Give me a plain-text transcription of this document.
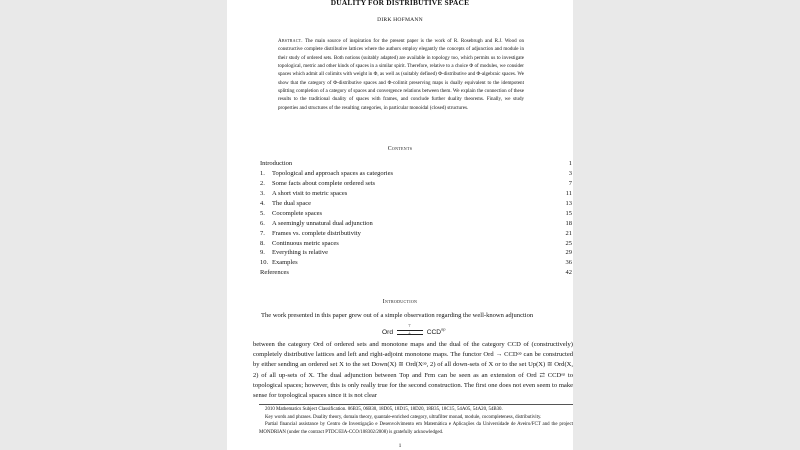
DUALITY FOR DISTRIBUTIVE SPACE
DIRK HOFMANN
Abstract. The main source of inspiration for the present paper is the work of R. Rosebrugh and R.J. Wood on constructive complete distributive lattices where the authors employ elegantly the concepts of adjunction and module in their study of ordered sets. Both notions (suitably adapted) are available in topology too, which permits us to investigate topological, metric and other kinds of spaces in a similar spirit. Therefore, relative to a choice Φ of modules, we consider spaces which admit all colimits with weight in Φ, as well as (suitably defined) Φ-distributive and Φ-algebraic spaces. We show that the category of Φ-distributive spaces and Φ-colimit preserving maps is dually equivalent to the idempotent splitting completion of a category of spaces and convergence relations between them. We explain the connection of these results to the traditional duality of spaces with frames, and conclude further duality theorems. Finally, we study properties and structures of the resulting categories, in particular monoidal (closed) structures.
Contents
Introduction	1
1. Topological and approach spaces as categories	3
2. Some facts about complete ordered sets	7
3. A short visit to metric spaces	11
4. The dual space	13
5. Cocomplete spaces	15
6. A seemingly unnatural dual adjunction	18
7. Frames vs. complete distributivity	21
8. Continuous metric spaces	25
9. Everything is relative	29
10. Examples	36
References	42
Introduction

The work presented in this paper grew out of a simple observation regarding the well-known adjunction

Ord
⊤
⊥ $CCD^{op}$

between the category Ord of ordered sets and monotone maps and the dual of the category CCD of (constructively) completely distributive lattices and left and right-adjoint monotone maps. The functor Ord → CCDᵒᵖ can be constructed by either sending an ordered set X to the set Down(X) ≅ Ord(Xᵒᵖ, 2) of all down-sets of X or to the set Up(X) ≅ Ord(X, 2) of all up-sets of X. The dual adjunction between Top and Frm can be seen as an extension of Ord ⇄ CCDᵒᵖ to topological spaces; however, this is only really true for the second construction. The first one does not even seem to make sense for topological spaces since it is not clear

2010 Mathematics Subject Classification. 06B35, 06B30, 18D05, 18D15, 18D20, 18B35, 18C15, 54A05, 54A20, 54B30.

Key words and phrases. Duality theory, domain theory, quantale-enriched category, ultrafilter monad, module, cocompleteness, distributivity.

Partial financial assistance by Centro de Investigação e Desenvolvimento em Matemática e Aplicações da Universidade de Aveiro/FCT and the project MONDRIAN (under the contract PTDC/EIA-CCO/108302/2008) is gratefully acknowledged.

1
